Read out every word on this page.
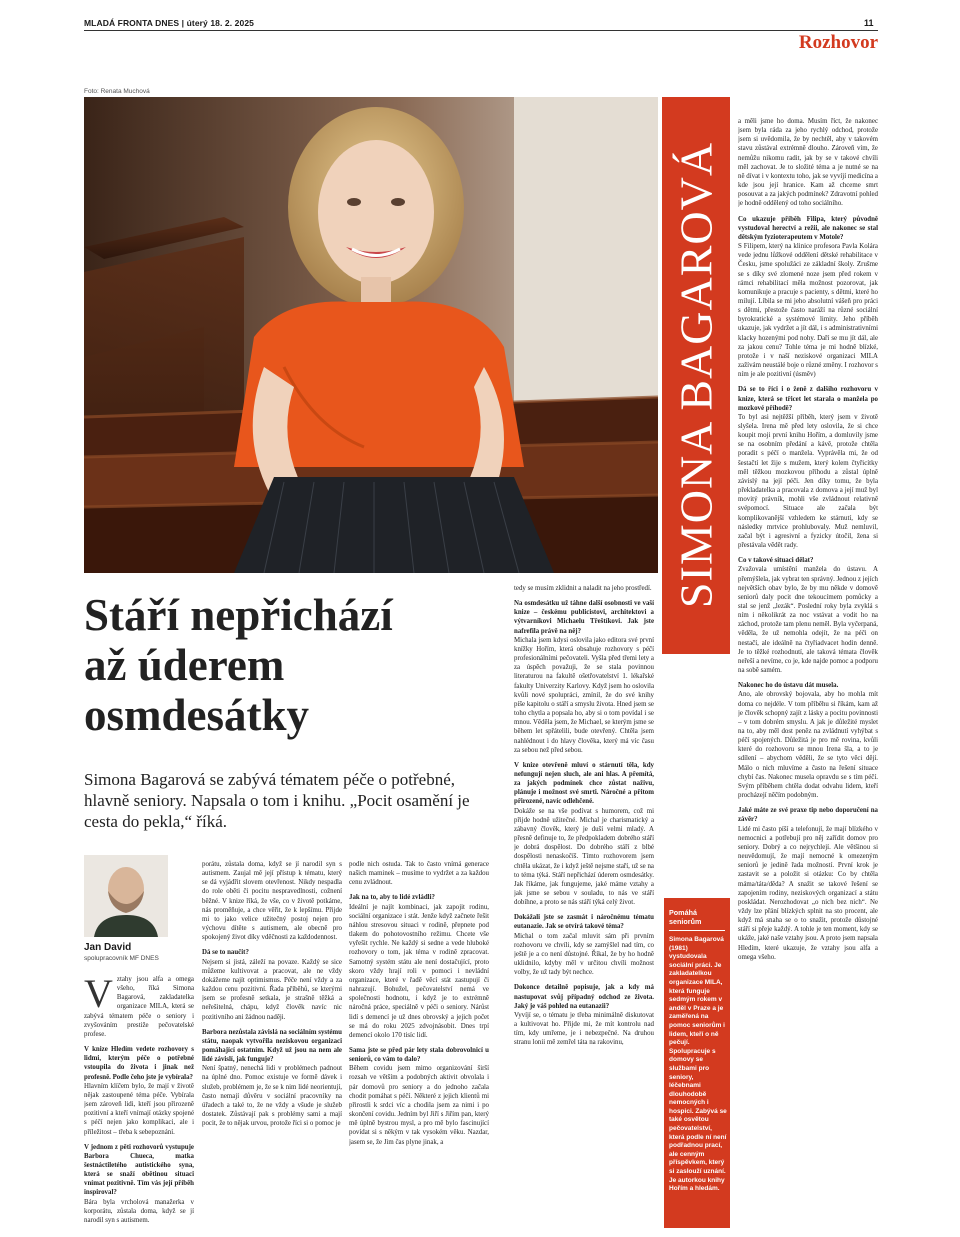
MLADÁ FRONTA DNES | úterý 18. 2. 2025	11
Rozhovor
Foto: Renata Muchová
SIMONA BAGAROVÁ
Stáří nepřichází
až úderem
osmdesátky
Simona Bagarová se zabývá tématem péče o potřebné, hlavně seniory. Napsala o tom i knihu. „Pocit osamění je cesta do pekla,“ říká.
Jan David
spolupracovník MF DNES

Vztahy jsou alfa a omega všeho, říká Simona Bagarová, zakladatelka organizace MILA, která se zabývá tématem péče o seniory i zvyšováním prestiže pečovatelské profese.

V knize Hledím vedete rozhovory s lidmi, kterým péče o potřebné vstoupila do života i jinak než profesně. Podle čeho jste je vybírala?

Hlavním klíčem bylo, že mají v životě nějak zastoupené téma péče. Vybírala jsem zároveň lidi, kteří jsou přirozeně pozitivní a kteří vnímají otázky spojené s péčí nejen jako komplikaci, ale i příležitost – třeba k sebepoznání.

V jednom z pěti rozhovorů vystupuje Barbora Chueca, matka šestnáctiletého autistického syna, která se snaží obětinou situaci vnímat pozitivně. Tím vás její příběh inspiroval?

Bára byla vrcholová manažerka v korporátu, zůstala doma, když se jí narodil syn s autismem.

porátu, zůstala doma, když se jí narodil syn s autismem. Zaujal mě její přístup k tématu, který se dá vyjádřit slovem otevřenost. Nikdy nespadla do role oběti či pocitu nespravedlnosti, cožnení běžné. V knize říká, že vše, co v životě potkáme, nás proměňuje, a chce věřit, že k lepšímu. Přijde mi to jako velice užitečný postoj nejen pro výchovu dítěte s autismem, ale obecně pro spokojený život díky vděčnosti za každodennost.

Dá se to naučit?

Nejsem si jistá, záleží na povaze. Každý se sice můžeme kultivovat a pracovat, ale ne vždy dokážeme najít optimismus. Péče není vždy a za každou cenu pozitivní. Řada příběhů, se kterými jsem se profesně setkala, je strašně těžká a neřešitelná, chápu, když člověk navíc nic pozitivního ani žádnou naději.

Barbora nezůstala závislá na sociálním systému státu, naopak vytvořila neziskovou organizaci pomáhající ostatním. Když už jsou na nem ale lidé závislí, jak funguje?

Není špatný, nenechá lidi v problémech padnout na úplné dno. Pomoc existuje ve formě dávek i služeb, problémem je, že se k nim lidé neorientují, často nemají důvěru v sociální pracovníky na úřadech a také to, že ne vždy a všude je služeb dostatek. Zůstávají pak s problémy sami a mají pocit, že to nějak urvou, protože říci si o pomoc je

podle nich ostuda. Tak to často vnímá generace našich maminek – musíme to vydržet a za každou cenu zvládnout.

Jak na to, aby to lidé zvládli?

Ideální je najít kombinaci, jak zapojit rodinu, sociální organizace i stát. Jenže když začnete řešit náhlou stresovou situaci v rodině, přepnete pod tlakem do pohotovostního režimu. Chcete vše vyřešit rychle. Ne každý si sedne a vede hluboké rozhovory o tom, jak téma v rodině zpracovat. Samotný systém státu ale není dostačující, proto skoro vždy hrají roli v pomoci i nevládní organizace, které v řadě věcí stát zastupují či nahrazují. Bohužel, pečovatelství nemá ve společnosti hodnotu, i když je to extrémně náročná práce, speciálně v péči o seniory. Nárůst lidí s demencí je už dnes obrovský a jejich počet se má do roku 2025 zdvojnásobit. Dnes trpí demencí okolo 170 tisíc lidí.

Sama jste se před pár lety stala dobrovolnicí u seniorů, co vám to dalo?

Během covidu jsem mimo organizování širší rozsah ve větším a podobných aktivit obvolala i pár domovů pro seniory a do jednoho začala chodit pomáhat s péčí. Některé z jejich klientů mi přirostli k srdci víc a chodila jsem za nimi i po skončení covidu. Jedním byl Jiří s Jiřím pan, který mě úplně bystrou mysl, a pro mě bylo fascinující povídat si s někým v tak vysokém věku. Nazdar, jasem se, že Jim čas plyne jinak, a

tedy se musím zklidnit a naladit na jeho prostředí.

Na osmdesátku už táhne další osobnosti ve vaší knize – českému publicistovi, architektovi a výtvarníkovi Michaelu Třeštíkovi. Jak jste nafrefila právě na něj?

Michala jsem kdysi oslovila jako editora své první knížky Hořím, která obsahuje rozhovory s péčí profesionálními pečovateli. Vyšla před třemi lety a za úspěch považuji, že se stala povinnou literaturou na fakultě ošetřovatelství 1. lékařské fakulty Univerzity Karlovy. Když jsem ho oslovila kvůli nové spolupráci, zmínil, že do své knihy píše kapitolu o stáří a smyslu života. Hned jsem se toho chytla a popsala ho, aby si o tom povídal i se mnou. Věděla jsem, že Michael, se kterým jsme se během let spřátelili, bude otevřený. Chtěla jsem nahlédnout i do hlavy člověka, který má víc času za sebou než před sebou.

V knize otevřeně mluví o stárnutí těla, kdy nefungují nejen sluch, ale ani hlas. A přemítá, za jakých podmínek chce zůstat naživu, plánuje i možnost své smrti. Náročné a přitom přirozené, navíc odlehčené.

Dokáže se na vše podívat s humorem, což mi přijde hodně užitečné. Michal je charismatický a zábavný člověk, který je duší velmi mladý. A přesně definuje to, že předpokladem dobrého stáří je dobrá dospělost. Do dobrého stáří z blbé dospělosti nenaskočíš. Tímto rozhovorem jsem chtěla ukázat, že i když ještě nejsme staří, už se na to téma týká. Stáří nepřichází úderem osmdesátky. Jak říkáme, jak fungujeme, jaké máme vztahy a jak jsme se sebou v souladu, to nás ve stáří dobíhne, a proto se nás stáří týká celý život.

Dokážali jste se zasmát i náročnému tématu eutanazie. Jak se otvírá takové téma?

Michal o tom začal mluvit sám při prvním rozhovoru ve chvíli, kdy se zamýšlel nad tím, co ještě je a co není důstojné. Říkal, že by ho hodně uklidnilo, kdyby měl v určitou chvíli možnost volby, že už tady být nechce.

Dokonce detailně popisuje, jak a kdy má nastupovat svůj případný odchod ze života. Jaký je váš pohled na eutanazii?

Vyvíjí se, o tématu je třeba minimálně diskutovat a kultivovat ho. Přijde mi, že mít kontrolu nad tím, kdy umřeme, je i nebezpečné. Na druhou stranu lonii mě zemřel táta na rakovinu,

a měli jsme ho doma. Musím říct, že nakonec jsem byla ráda za jeho rychlý odchod, protože jsem si uvědomila, že by nechtěl, aby v takovém stavu zůstával extrémně dlouho. Zároveň vím, že nemůžu nikomu radit, jak by se v takové chvíli měl zachovat. Je to složité téma a je nutné se na ně dívat i v kontextu toho, jak se vyvíjí medicína a kde jsou její hranice. Kam až chceme smrt posouvat a za jakých podmínek? Zdravotní pohled je hodně oddělený od toho sociálního.

Co ukazuje příběh Filipa, který původně vystudoval herectví a režii, ale nakonec se stal dětským fyzioterapeutem v Motole?

S Filipem, který na klinice profesora Pavla Kolára vede jednu lůžkové oddělení dětské rehabilitace v Česku, jsme spolužáci ze základní školy. Zrušme se s díky své zlomené noze jsem před rokem v rámci rehabilitací měla možnost pozorovat, jak komunikuje a pracuje s pacienty, s dětmi, které ho milují. Líbila se mi jeho absolutní vášeň pro práci s dětmi, přestože často naráží na různé sociální byrokratické a systémové limity. Jeho příběh ukazuje, jak vydržet a jít dál, i s administrativními klacky hozenými pod nohy. Daří se mu jít dál, ale za jakou cenu? Tohle téma je mi hodně blízké, protože i v naší neziskové organizaci MILA zažívám neustálé boje o různé změny. I rozhovor s ním je ale pozitivní (úsměv)

Dá se to říci i o ženě z dalšího rozhovoru v knize, která se třicet let starala o manžela po mozkové příhodě?

To byl asi nejtěžší příběh, který jsem v životě slyšela. Irena mě před lety oslovila, že si chce koupit moji první knihu Hořím, a domluvily jsme se na osobním předání a kávě, protože chtěla poradit s péčí o manžela. Vyprávěla mi, že od šestačtí let žije s mužem, který kolem čtyřicítky měl těžkou mozkovou příhodu a zůstal úplně závislý na její péči. Jen díky tomu, že byla překladatelka a pracovala z domova a její muž byl movitý právník, mohli vše zvládnout relativně svépomocí. Situace ale začala být komplikovanější vzhledem ke stárnutí, kdy se následky mrtvice prohlubovaly. Muž nemluvil, začal být i agresivní a fyzicky útočil, žena si přestávala vědět rady.

Co v takové situaci dělat?

Zvažovala umístění manžela do ústavu. A přemýšlela, jak vybrat ten správný. Jednou z jejích největších obav bylo, že by mu někde v domově seniorů daly pocit dne tekoucímem pomůcky a stal se jenž „lezák“. Poslední roky byla zvyklá s ním i několikrát za noc vstávat a vodit ho na záchod, protože tam plenu neměl. Byla vyčerpaná, věděla, že už nemohla odejít, že na péči on nestačí, ale ideálně na čtyřiadvacet hodin denně. Je to těžké rozhodnutí, ale taková témata člověk neřeší a nevíme, co je, kde najde pomoc a podporu na sobě samém.

Nakonec ho do ústavu dát musela.

Ano, ale obrovský bojovala, aby ho mohla mít doma co nejdéle. V tom příběhu si říkám, kam až je člověk schopný zajít z lásky a pocitu povinnosti – v tom dobrém smyslu. A jak je důležité myslet na to, aby měl dost peněz na zvládnutí vyhýbat s péčí spojených. Důležitá je pro mě rovina, kvůli které do rozhovoru se mnou Irena šla, a to je sdílení – abychom věděli, že se tyto věci dějí. Málo o nich mluvíme a často na řešení situace chybí čas. Nakonec musela opravdu se s tím péčí. Svým příběhem chtěla dodat odvahu lidem, kteří procházejí něčím podobným.

Jaké máte ze své praxe tip nebo doporučení na závěr?

Lidé mi často píší a telefonují, že mají blízkého v nemocnici a potřebují pro něj zařídit domov pro seniory. Dobrý a co nejrychlejí. Ale většinou si neuvědomují, že mají nemocné k omezeným seniorů je jedině řada možností. První krok je zastavit se a položit si otázku: Co by chtěla máma/táta/děda? A snažit se takové řešení se zapojením rodiny, neziskových organizací a státu poskládat. Nerozhodovat „o nich bez nich“. Ne vždy lze přání blízkých splnit na sto procent, ale když má snaha se o to snažit, protože důstojné stáří si přeje každý. A tohle je ten moment, kdy se ukáže, jaké naše vztahy jsou. A proto jsem napsala Hledím, které ukazuje, že vztahy jsou alfa a omega všeho.

Pomáhá seniorům
Simona Bagarová (1981) vystudovala sociální práci. Je zakladatelkou organizace MILA, která funguje sedmým rokem v anděl v Praze a je zaměřená na pomoc seniorům i lidem, kteří o ně pečují. Spolupracuje s domovy se službami pro seniory, léčebnami dlouhodobě nemocných i hospici. Zabývá se také osvětou pečovatelství, která podle ní není podřadnou prací, ale cenným příspěvkem, který si zaslouží uznání. Je autorkou knihy Hořím a hledám.
